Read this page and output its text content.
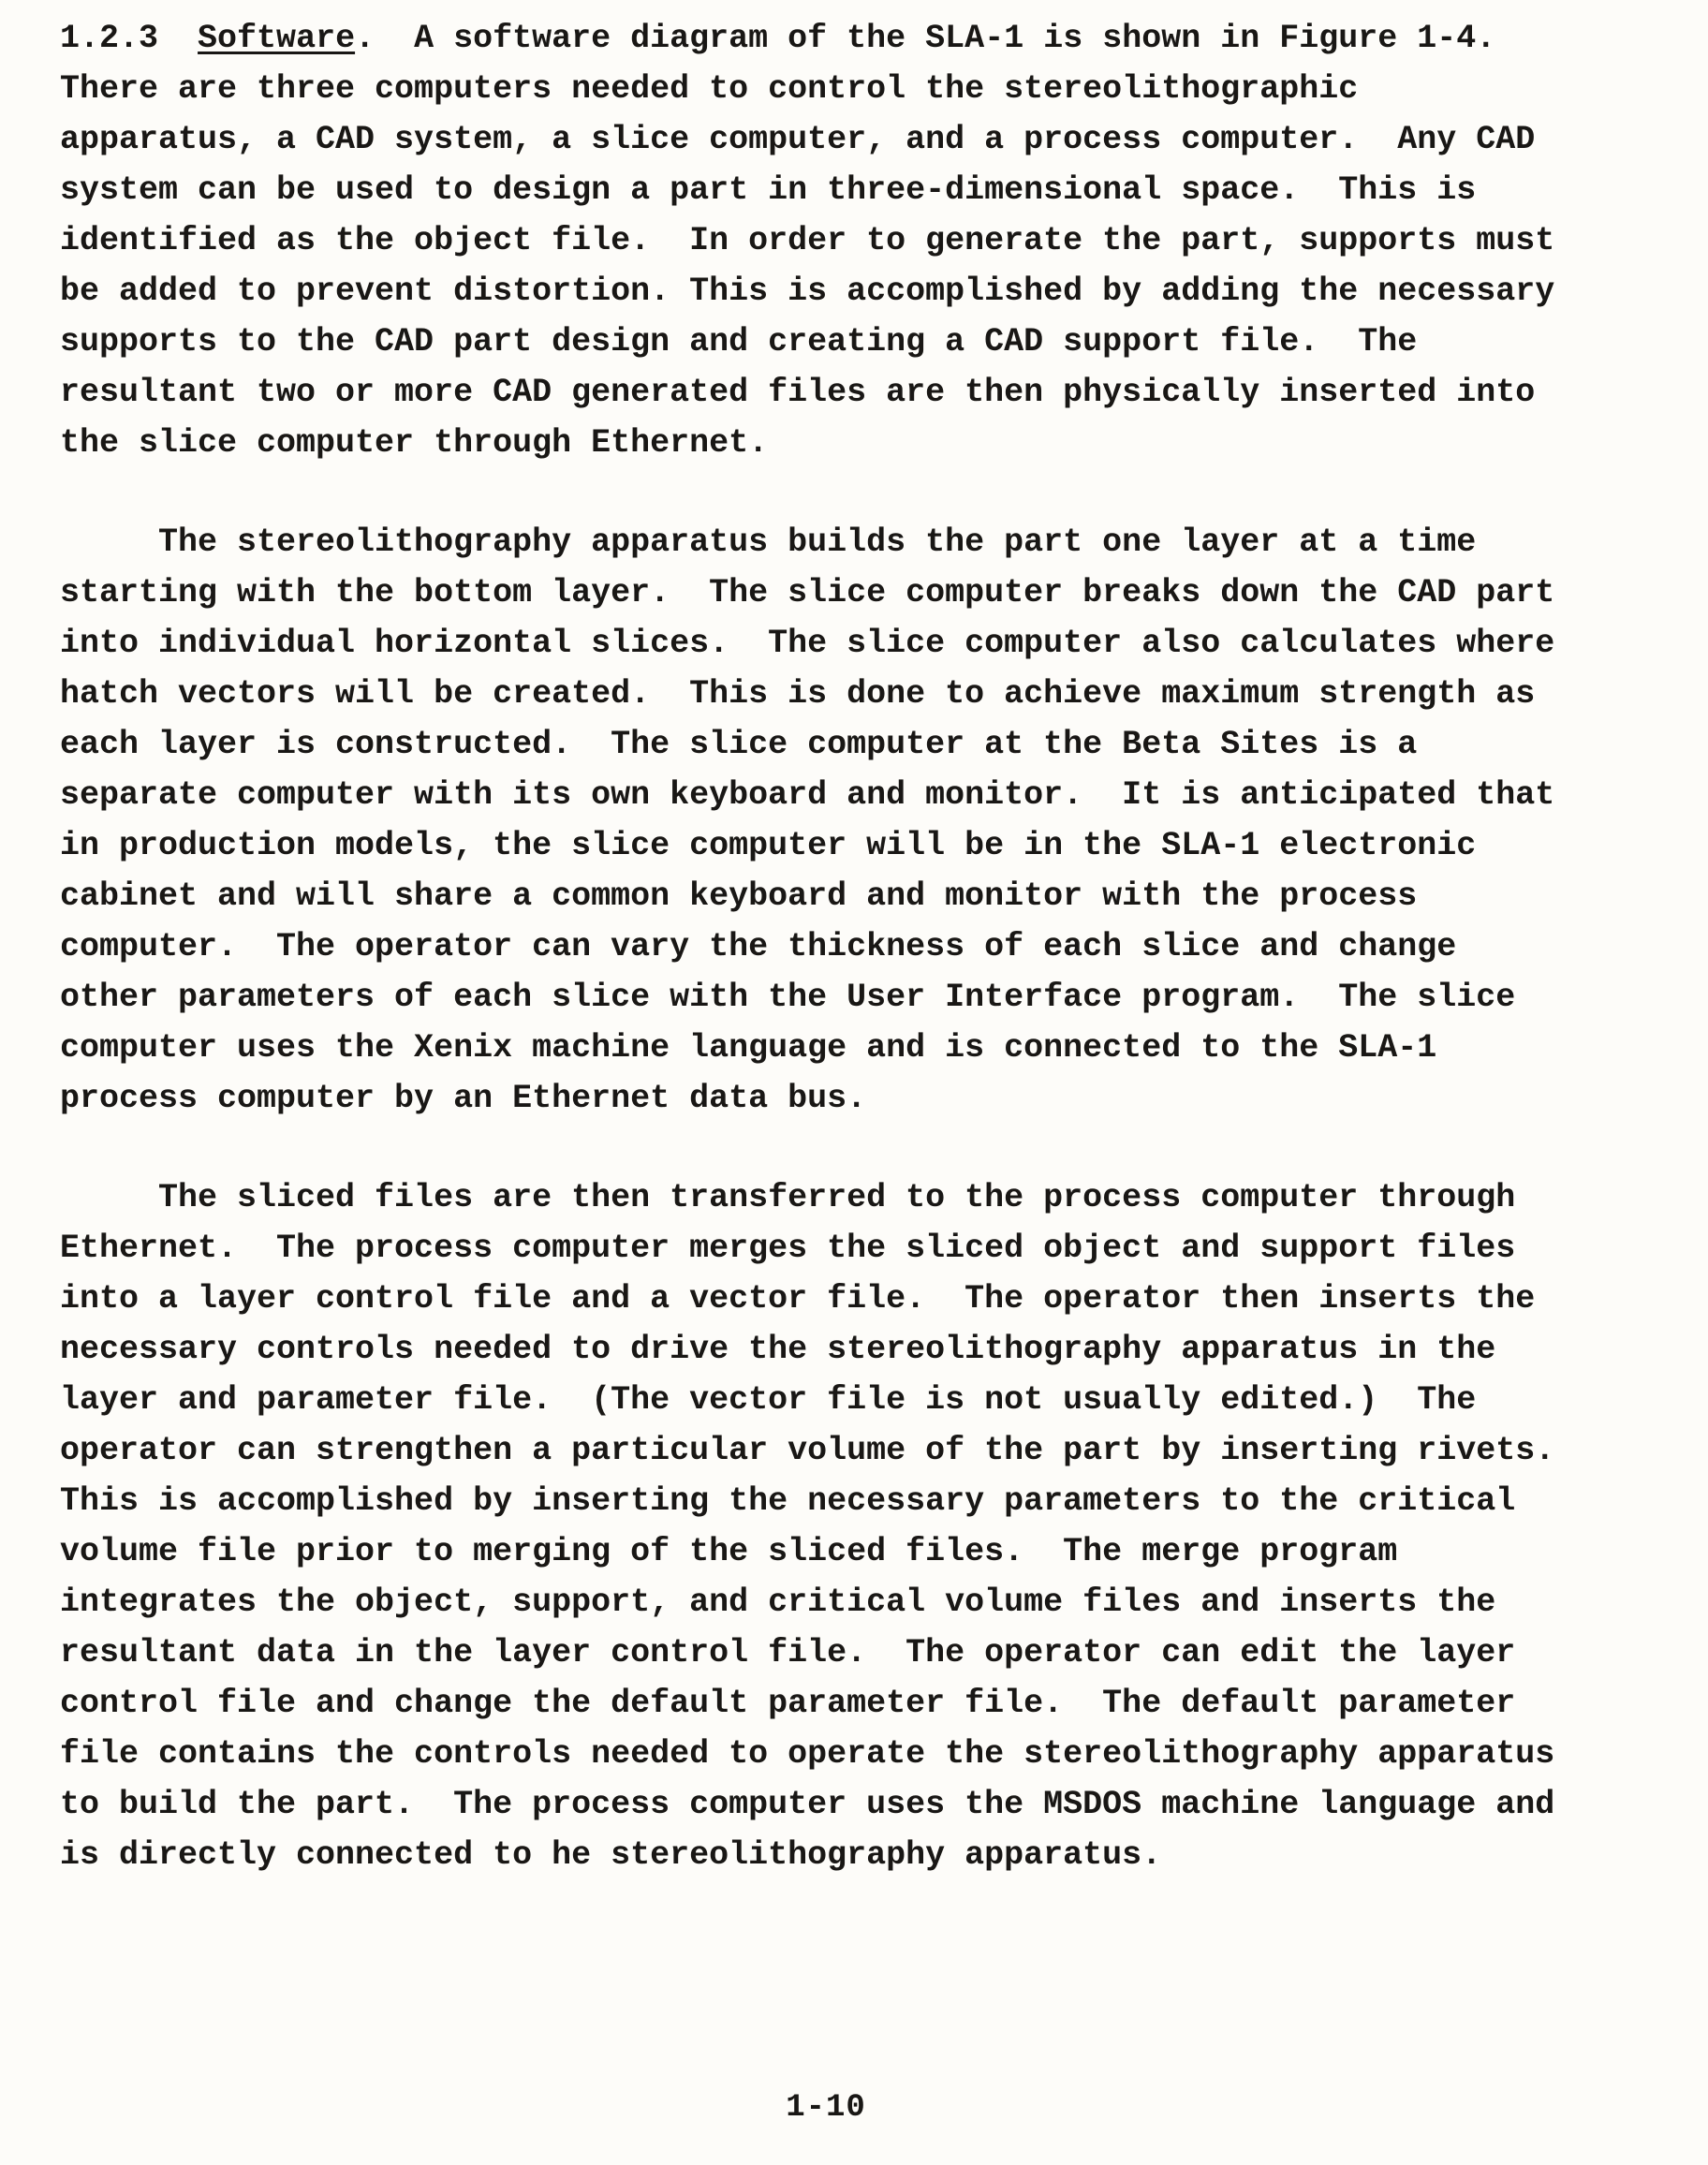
1.2.3 Software.  A software diagram of the SLA-1 is shown in Figure 1-4.
There are three computers needed to control the stereolithographic
apparatus, a CAD system, a slice computer, and a process computer.  Any CAD
system can be used to design a part in three-dimensional space.  This is
identified as the object file.  In order to generate the part, supports must
be added to prevent distortion. This is accomplished by adding the necessary
supports to the CAD part design and creating a CAD support file.  The
resultant two or more CAD generated files are then physically inserted into
the slice computer through Ethernet.
The stereolithography apparatus builds the part one layer at a time
starting with the bottom layer.  The slice computer breaks down the CAD part
into individual horizontal slices.  The slice computer also calculates where
hatch vectors will be created.  This is done to achieve maximum strength as
each layer is constructed.  The slice computer at the Beta Sites is a
separate computer with its own keyboard and monitor.  It is anticipated that
in production models, the slice computer will be in the SLA-1 electronic
cabinet and will share a common keyboard and monitor with the process
computer.  The operator can vary the thickness of each slice and change
other parameters of each slice with the User Interface program.  The slice
computer uses the Xenix machine language and is connected to the SLA-1
process computer by an Ethernet data bus.
The sliced files are then transferred to the process computer through
Ethernet.  The process computer merges the sliced object and support files
into a layer control file and a vector file.  The operator then inserts the
necessary controls needed to drive the stereolithography apparatus in the
layer and parameter file.  (The vector file is not usually edited.)  The
operator can strengthen a particular volume of the part by inserting rivets.
This is accomplished by inserting the necessary parameters to the critical
volume file prior to merging of the sliced files.  The merge program
integrates the object, support, and critical volume files and inserts the
resultant data in the layer control file.  The operator can edit the layer
control file and change the default parameter file.  The default parameter
file contains the controls needed to operate the stereolithography apparatus
to build the part.  The process computer uses the MSDOS machine language and
is directly connected to he stereolithography apparatus.
1-10
